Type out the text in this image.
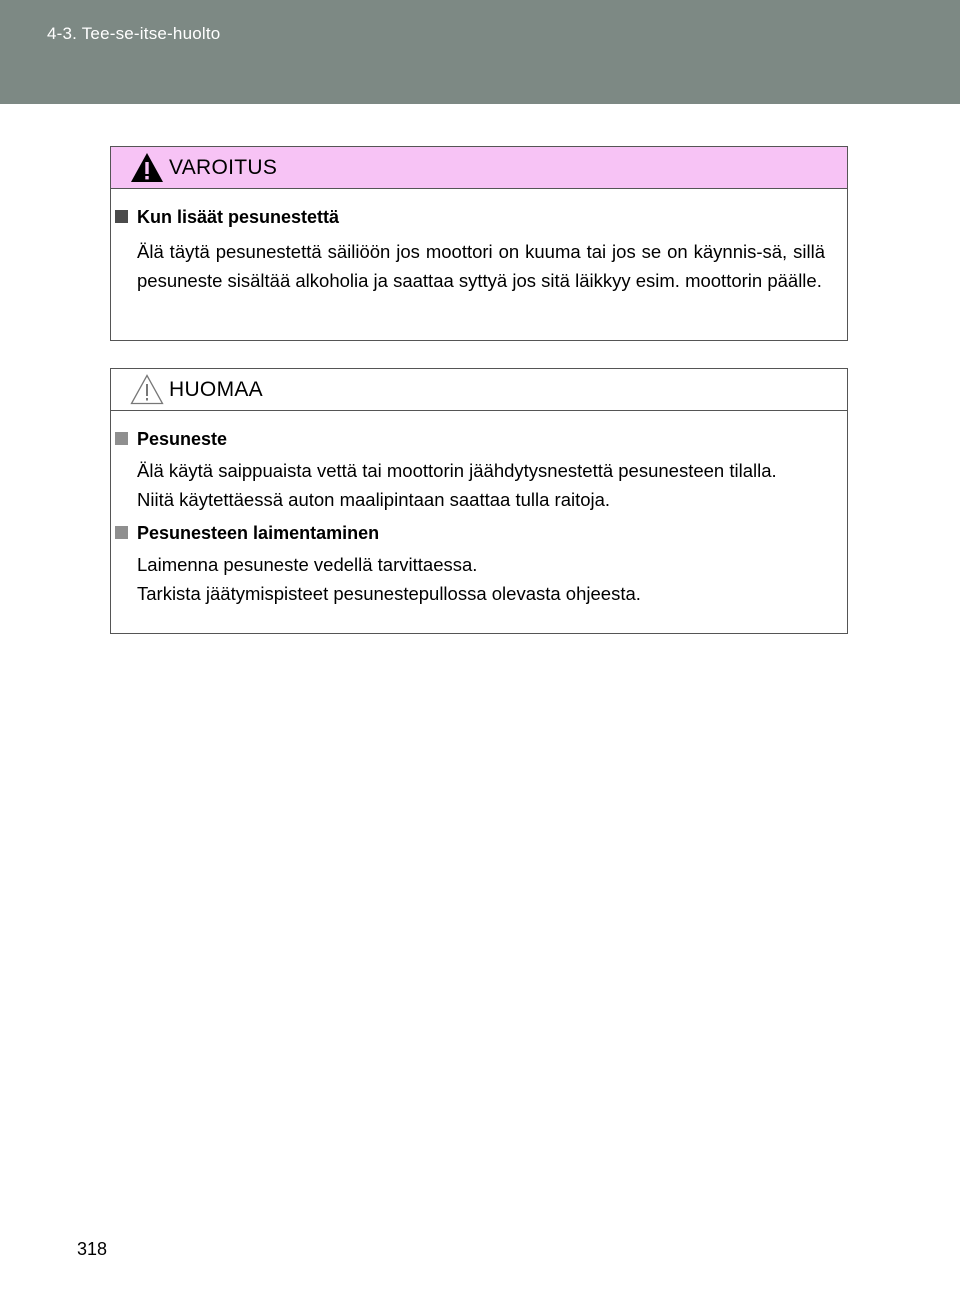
4-3. Tee-se-itse-huolto
VAROITUS
Kun lisäät pesunestettä
Älä täytä pesunestettä säiliöön jos moottori on kuuma tai jos se on käynnis-sä, sillä pesuneste sisältää alkoholia ja saattaa syttyä jos sitä läikkyy esim. moottorin päälle.
HUOMAA
Pesuneste
Älä käytä saippuaista vettä tai moottorin jäähdytysnestettä pesunesteen tilalla.
Niitä käytettäessä auton maalipintaan saattaa tulla raitoja.
Pesunesteen laimentaminen
Laimenna pesuneste vedellä tarvittaessa.
Tarkista jäätymispisteet pesunestepullossa olevasta ohjeesta.
318
